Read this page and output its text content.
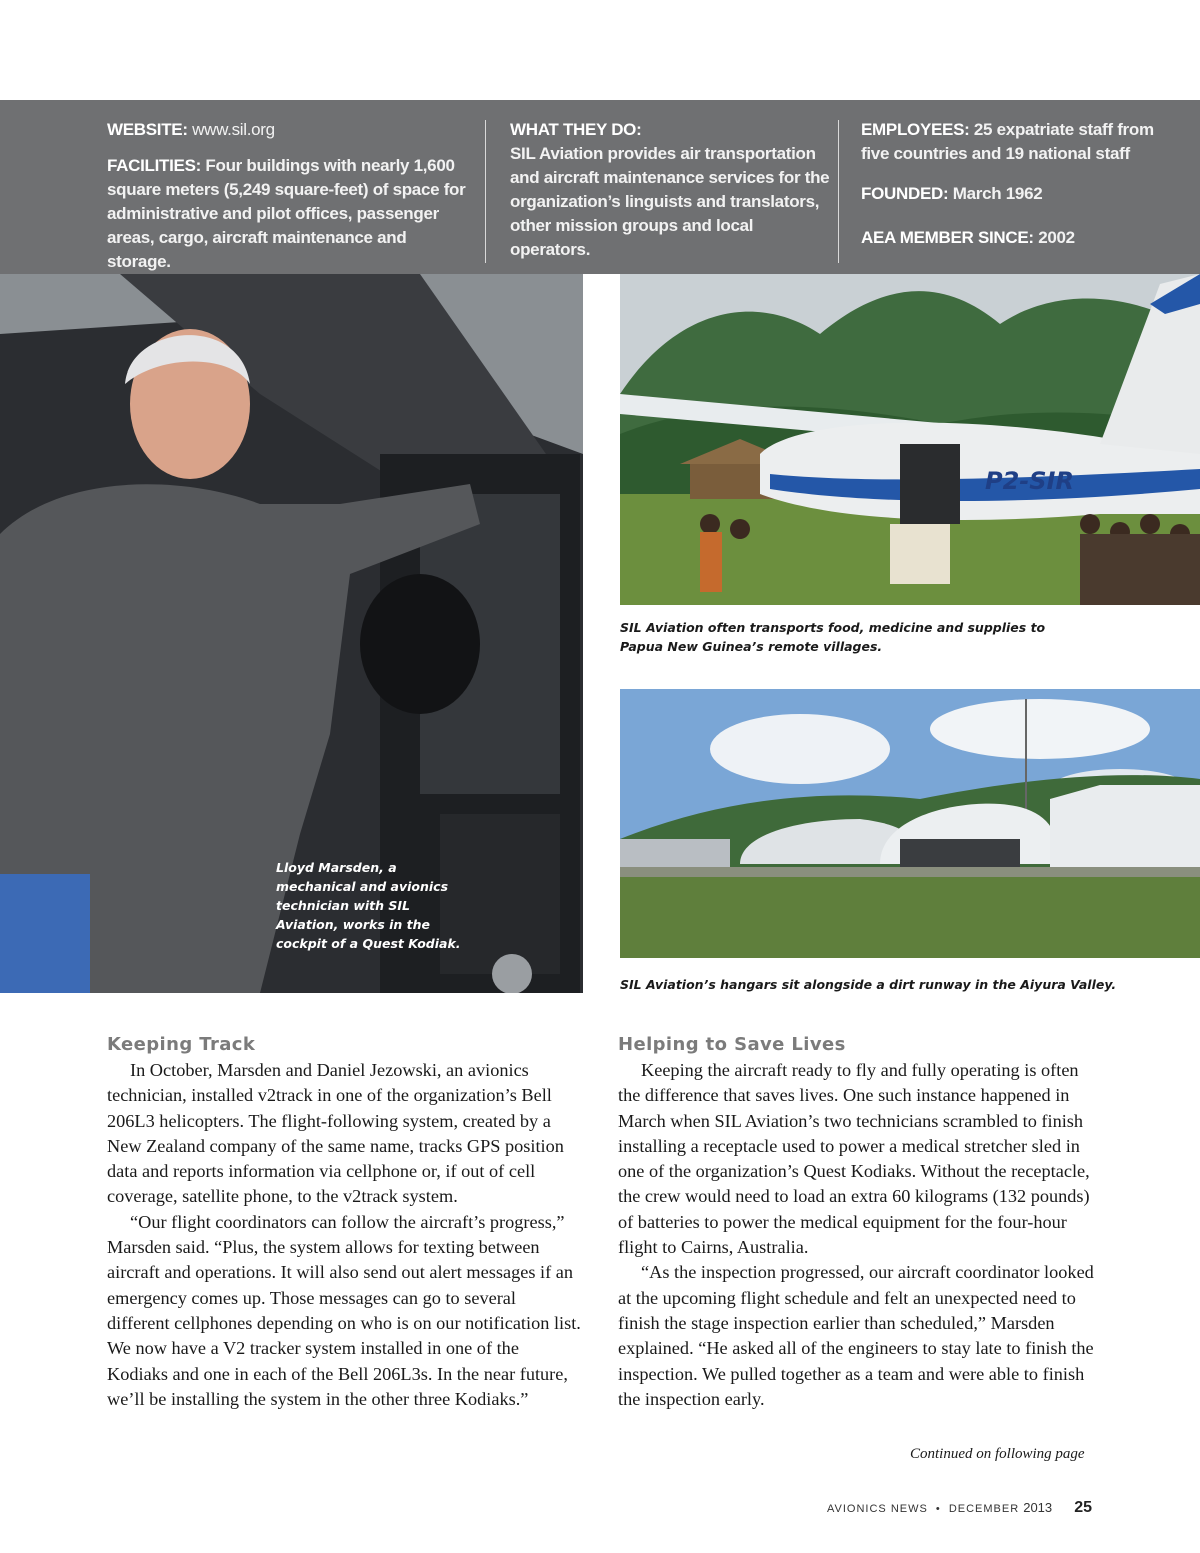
WEBSITE: www.sil.org

FACILITIES: Four buildings with nearly 1,600 square meters (5,249 square-feet) of space for administrative and pilot offices, passenger areas, cargo, aircraft maintenance and storage.

WHAT THEY DO:

SIL Aviation provides air transportation and aircraft maintenance services for the organization’s linguists and translators, other mission groups and local operators.

EMPLOYEES: 25 expatriate staff from five countries and 19 national staff

FOUNDED: March 1962

AEA MEMBER SINCE: 2002

Lloyd Marsden, a mechanical and avionics technician with SIL Aviation, works in the cockpit of a Quest Kodiak.
P2-SIR
SIL Aviation often transports food, medicine and supplies to Papua New Guinea’s remote villages.
SIL Aviation’s hangars sit alongside a dirt runway in the Aiyura Valley.
Keeping Track

In October, Marsden and Daniel Jezowski, an avionics technician, installed v2track in one of the organization’s Bell 206L3 helicopters. The flight-following system, created by a New Zealand company of the same name, tracks GPS position data and reports information via cellphone or, if out of cell coverage, satellite phone, to the v2track system.

“Our flight coordinators can follow the aircraft’s progress,” Marsden said. “Plus, the system allows for texting between aircraft and operations. It will also send out alert messages if an emergency comes up. Those messages can go to several different cellphones depending on who is on our notification list. We now have a V2 tracker system installed in one of the Kodiaks and one in each of the Bell 206L3s. In the near future, we’ll be installing the system in the other three Kodiaks.”

Helping to Save Lives

Keeping the aircraft ready to fly and fully operating is often the difference that saves lives. One such instance happened in March when SIL Aviation’s two technicians scrambled to finish installing a receptacle used to power a medical stretcher sled in one of the organization’s Quest Kodiaks. Without the receptacle, the crew would need to load an extra 60 kilograms (132 pounds) of batteries to power the medical equipment for the four-hour flight to Cairns, Australia.

“As the inspection progressed, our aircraft coordinator looked at the upcoming flight schedule and felt an unexpected need to finish the stage inspection earlier than scheduled,” Marsden explained. “He asked all of the engineers to stay late to finish the inspection. We pulled together as a team and were able to finish the inspection early.

Continued on following page
AVIONICS NEWS • DECEMBER 2013 25
